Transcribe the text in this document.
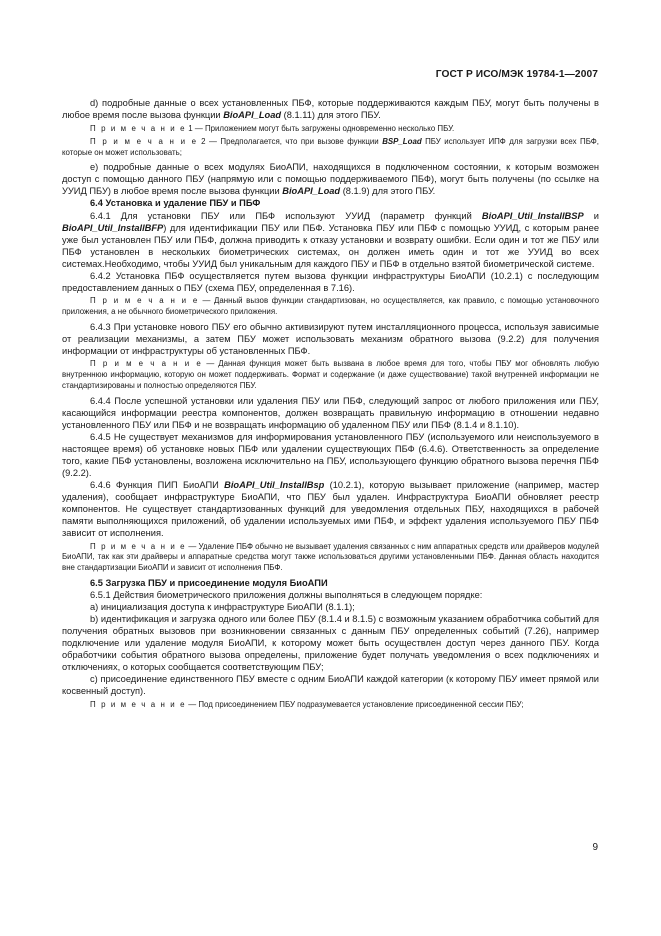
ГОСТ Р ИСО/МЭК 19784-1—2007

d) подробные данные о всех установленных ПБФ, которые поддерживаются каждым ПБУ, могут быть получены в любое время после вызова функции BioAPI_Load (8.1.11) для этого ПБУ.

П р и м е ч а н и е 1 — Приложением могут быть загружены одновременно несколько ПБУ.

П р и м е ч а н и е 2 — Предполагается, что при вызове функции BSP_Load ПБУ использует ИПФ для загрузки всех ПБФ, которые он может использовать;

e) подробные данные о всех модулях БиоАПИ, находящихся в подключенном состоянии, к которым возможен доступ с помощью данного ПБУ (напрямую или с помощью поддерживаемого ПБФ), могут быть получены (по ссылке на УУИД ПБУ) в любое время после вызова функции BioAPI_Load (8.1.9) для этого ПБУ.

6.4 Установка и удаление ПБУ и ПБФ

6.4.1 Для установки ПБУ или ПБФ используют УУИД (параметр функций BioAPI_Util_InstallBSP и BioAPI_Util_InstallBFP) для идентификации ПБУ или ПБФ. Установка ПБУ или ПБФ с помощью УУИД, с которым ранее уже был установлен ПБУ или ПБФ, должна приводить к отказу установки и возврату ошибки. Если один и тот же ПБУ или ПБФ установлен в нескольких биометрических системах, он должен иметь один и тот же УУИД во всех системах.Необходимо, чтобы УУИД был уникальным для каждого ПБУ и ПБФ в отдельно взятой биометрической системе.

6.4.2 Установка ПБФ осуществляется путем вызова функции инфраструктуры БиоАПИ (10.2.1) с последующим предоставлением данных о ПБУ (схема ПБУ, определенная в 7.16).

П р и м е ч а н и е — Данный вызов функции стандартизован, но осуществляется, как правило, с помощью установочного приложения, а не обычного биометрического приложения.

6.4.3 При установке нового ПБУ его обычно активизируют путем инсталляционного процесса, используя зависимые от реализации механизмы, а затем ПБУ может использовать механизм обратного вызова (9.2.2) для получения информации от инфраструктуры об установленных ПБФ.

П р и м е ч а н и е — Данная функция может быть вызвана в любое время для того, чтобы ПБУ мог обновлять любую внутреннюю информацию, которую он может поддерживать. Формат и содержание (и даже существование) такой внутренней информации не стандартизированы и полностью определяются ПБУ.

6.4.4 После успешной установки или удаления ПБУ или ПБФ, следующий запрос от любого приложения или ПБУ, касающийся информации реестра компонентов, должен возвращать правильную информацию в отношении недавно установленного ПБУ или ПБФ и не возвращать информацию об удаленном ПБУ или ПБФ (8.1.4 и 8.1.10).

6.4.5 Не существует механизмов для информирования установленного ПБУ (используемого или неиспользуемого в настоящее время) об установке новых ПБФ или удалении существующих ПБФ (6.4.6). Ответственность за определение того, какие ПБФ установлены, возложена исключительно на ПБУ, использующего функцию обратного вызова перечня ПБФ (9.2.2).

6.4.6 Функция ПИП БиоАПИ BioAPI_Util_InstallBsp (10.2.1), которую вызывает приложение (например, мастер удаления), сообщает инфраструктуре БиоАПИ, что ПБУ был удален. Инфраструктура БиоАПИ обновляет реестр компонентов. Не существует стандартизованных функций для уведомления отдельных ПБУ, находящихся в рабочей памяти выполняющихся приложений, об удалении используемых ими ПБФ, и эффект удаления используемого ПБУ ПБФ зависит от исполнения.

П р и м е ч а н и е — Удаление ПБФ обычно не вызывает удаления связанных с ним аппаратных средств или драйверов модулей БиоАПИ, так как эти драйверы и аппаратные средства могут также использоваться другими установленными ПБФ. Данная область находится вне стандартизации БиоАПИ и зависит от исполнения ПБФ.

6.5 Загрузка ПБУ и присоединение модуля БиоАПИ

6.5.1 Действия биометрического приложения должны выполняться в следующем порядке:

a) инициализация доступа к инфраструктуре БиоАПИ (8.1.1);

b) идентификация и загрузка одного или более ПБУ (8.1.4 и 8.1.5) с возможным указанием обработчика событий для получения обратных вызовов при возникновении связанных с данным ПБУ определенных событий (7.26), например подключение или удаление модуля БиоАПИ, к которому может быть осуществлен доступ через данного ПБУ. Когда обработчики события обратного вызова определены, приложение будет получать уведомления о всех подключениях и отключениях, о которых сообщается соответствующим ПБУ;

c) присоединение единственного ПБУ вместе с одним БиоАПИ каждой категории (к которому ПБУ имеет прямой или косвенный доступ).

П р и м е ч а н и е — Под присоединением ПБУ подразумевается установление присоединенной сессии ПБУ;

9
